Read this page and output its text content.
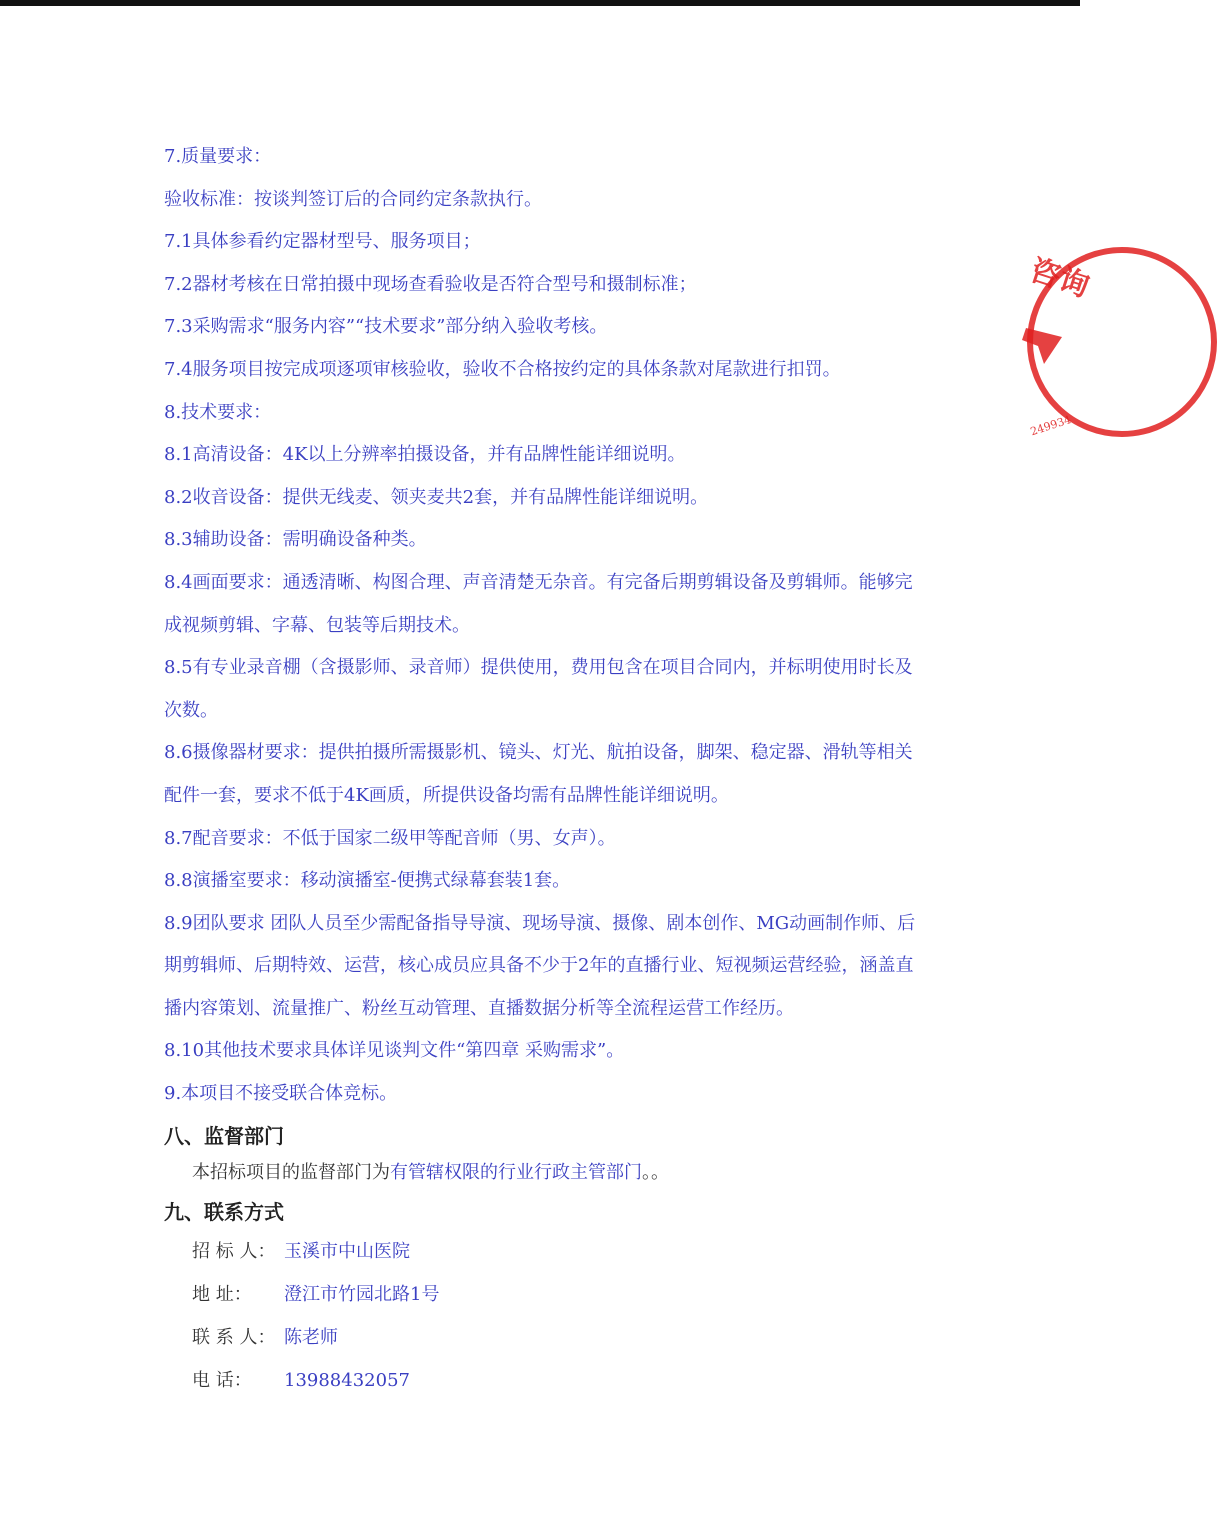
7.质量要求：
验收标准：按谈判签订后的合同约定条款执行。
7.1具体参看约定器材型号、服务项目；
7.2器材考核在日常拍摄中现场查看验收是否符合型号和摄制标准；
7.3采购需求“服务内容”“技术要求”部分纳入验收考核。
7.4服务项目按完成项逐项审核验收，验收不合格按约定的具体条款对尾款进行扣罚。
8.技术要求：
8.1高清设备：4K以上分辨率拍摄设备，并有品牌性能详细说明。
8.2收音设备：提供无线麦、领夹麦共2套，并有品牌性能详细说明。
8.3辅助设备：需明确设备种类。
8.4画面要求：通透清晰、构图合理、声音清楚无杂音。有完备后期剪辑设备及剪辑师。能够完成视频剪辑、字幕、包装等后期技术。
8.5有专业录音棚（含摄影师、录音师）提供使用，费用包含在项目合同内，并标明使用时长及次数。
8.6摄像器材要求：提供拍摄所需摄影机、镜头、灯光、航拍设备，脚架、稳定器、滑轨等相关配件一套，要求不低于4K画质，所提供设备均需有品牌性能详细说明。
8.7配音要求：不低于国家二级甲等配音师（男、女声）。
8.8演播室要求：移动演播室-便携式绿幕套装1套。
8.9团队要求 团队人员至少需配备指导导演、现场导演、摄像、剧本创作、MG动画制作师、后期剪辑师、后期特效、运营，核心成员应具备不少于2年的直播行业、短视频运营经验，涵盖直播内容策划、流量推广、粉丝互动管理、直播数据分析等全流程运营工作经历。
8.10其他技术要求具体详见谈判文件“第四章 采购需求”。
9.本项目不接受联合体竞标。
八、监督部门
本招标项目的监督部门为有管辖权限的行业行政主管部门。。
九、联系方式
招 标 人： 玉溪市中山医院
地 址： 澄江市竹园北路1号
联 系 人： 陈老师
电 话： 13988432057
咨询
249934
